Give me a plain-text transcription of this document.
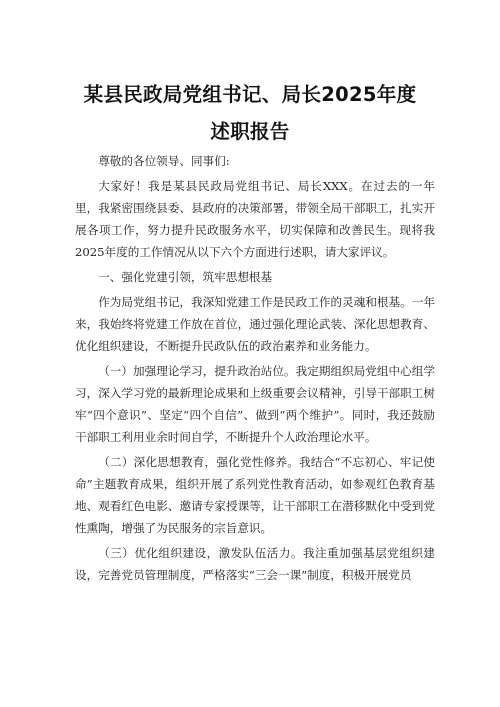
某县民政局党组书记、局长2025年度
述职报告

尊敬的各位领导、同事们:

大家好！我是某县民政局党组书记、局长XXX。在过去的一年里，我紧密围绕县委、县政府的决策部署，带领全局干部职工，扎实开展各项工作，努力提升民政服务水平，切实保障和改善民生。现将我2025年度的工作情况从以下六个方面进行述职，请大家评议。

一、强化党建引领，筑牢思想根基

作为局党组书记，我深知党建工作是民政工作的灵魂和根基。一年来，我始终将党建工作放在首位，通过强化理论武装、深化思想教育、优化组织建设，不断提升民政队伍的政治素养和业务能力。

（一）加强理论学习，提升政治站位。我定期组织局党组中心组学习，深入学习党的最新理论成果和上级重要会议精神，引导干部职工树牢“四个意识”、坚定“四个自信”、做到“两个维护”。同时，我还鼓励干部职工利用业余时间自学，不断提升个人政治理论水平。

（二）深化思想教育，强化党性修养。我结合“不忘初心、牢记使命”主题教育成果，组织开展了系列党性教育活动，如参观红色教育基地、观看红色电影、邀请专家授课等，让干部职工在潜移默化中受到党性熏陶，增强了为民服务的宗旨意识。

（三）优化组织建设，激发队伍活力。我注重加强基层党组织建设，完善党员管理制度，严格落实“三会一课”制度，积极开展党员
